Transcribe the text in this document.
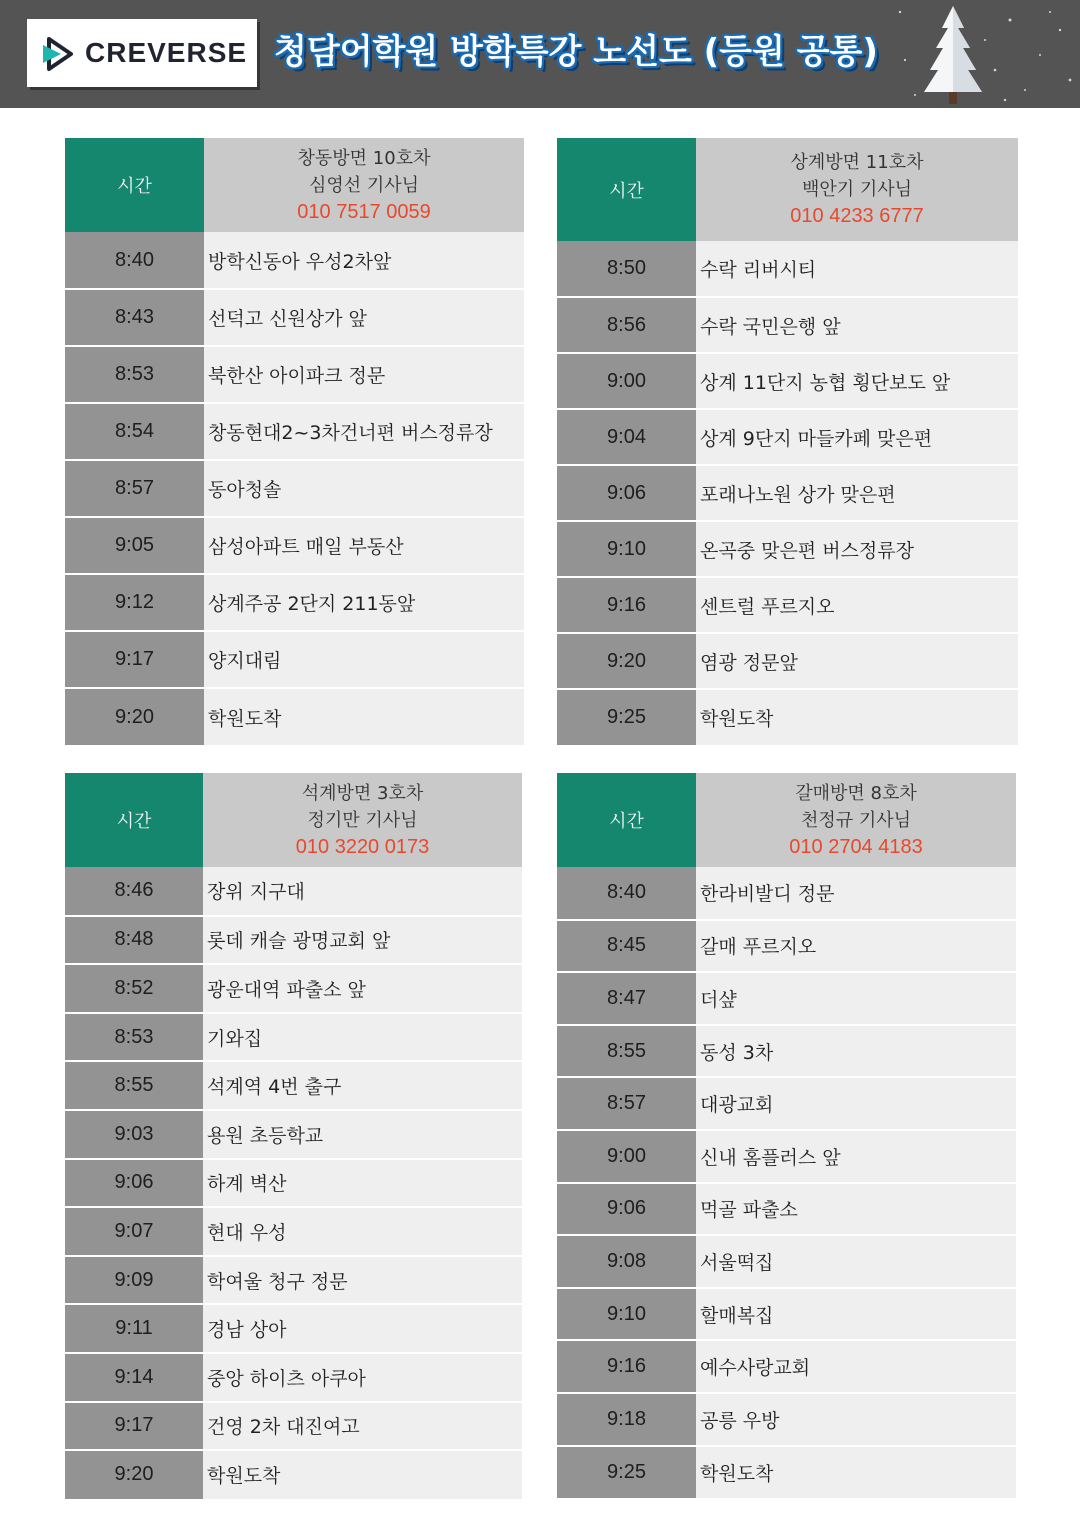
CREVERSE 청담어학원 방학특강 노선도 (등원 공통)
시간	창동방면 10호차
심영선 기사님
010 7517 0059

8:40	방학신동아 우성2차앞
8:43	선덕고 신원상가 앞
8:53	북한산 아이파크 정문
8:54	창동현대2~3차건너편 버스정류장
8:57	동아청솔
9:05	삼성아파트 매일 부동산
9:12	상계주공 2단지 211동앞
9:17	양지대림
9:20	학원도착
시간	상계방면 11호차
백안기 기사님
010 4233 6777

8:50	수락 리버시티
8:56	수락 국민은행 앞
9:00	상계 11단지 농협 횡단보도 앞
9:04	상계 9단지 마들카페 맞은편
9:06	포래나노원 상가 맞은편
9:10	온곡중 맞은편 버스정류장
9:16	센트럴 푸르지오
9:20	염광 정문앞
9:25	학원도착
시간	석계방면 3호차
정기만 기사님
010 3220 0173

8:46	장위 지구대
8:48	롯데 캐슬 광명교회 앞
8:52	광운대역 파출소 앞
8:53	기와집
8:55	석계역 4번 출구
9:03	용원 초등학교
9:06	하계 벽산
9:07	현대 우성
9:09	학여울 청구 정문
9:11	경남 상아
9:14	중앙 하이츠 아쿠아
9:17	건영 2차 대진여고
9:20	학원도착
시간	갈매방면 8호차
천정규 기사님
010 2704 4183

8:40	한라비발디 정문
8:45	갈매 푸르지오
8:47	더샾
8:55	동성 3차
8:57	대광교회
9:00	신내 홈플러스 앞
9:06	먹골 파출소
9:08	서울떡집
9:10	할매복집
9:16	예수사랑교회
9:18	공릉 우방
9:25	학원도착
